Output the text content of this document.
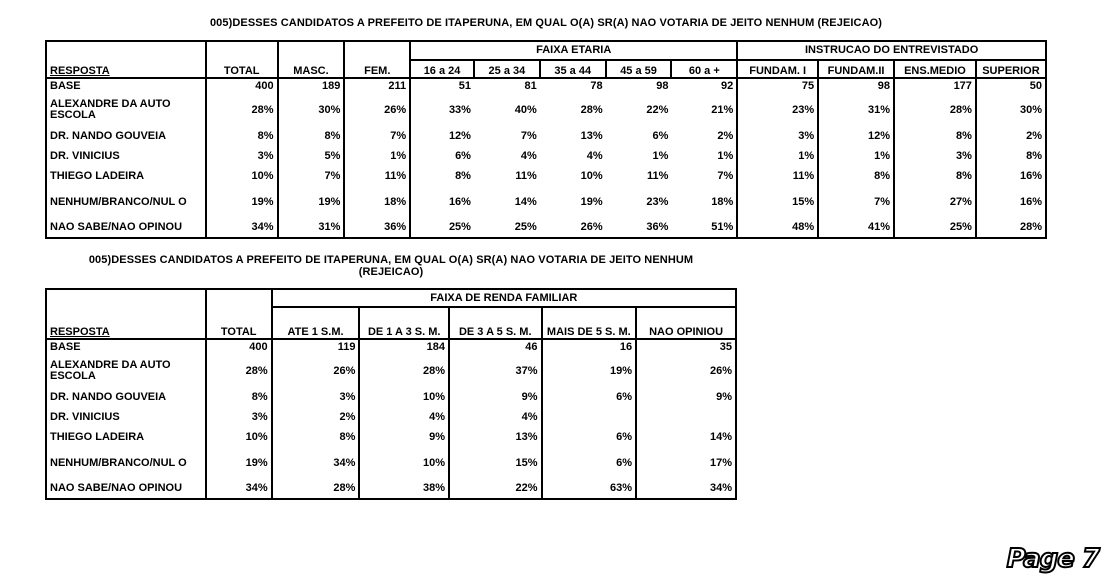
005)DESSES CANDIDATOS A PREFEITO DE ITAPERUNA, EM QUAL O(A) SR(A) NAO VOTARIA DE JEITO NENHUM (REJEICAO)
RESPOSTA	TOTAL	MASC.	FEM.	FAIXA ETARIA					INSTRUCAO DO ENTREVISTADO			
				16 a 24	25 a 34	35 a 44	45 a 59	60 a +	FUNDAM. I	FUNDAM.II	ENS.MEDIO	SUPERIOR
BASE	400	189	211	51	81	78	98	92	75	98	177	50
ALEXANDRE DA AUTO ESCOLA	28%	30%	26%	33%	40%	28%	22%	21%	23%	31%	28%	30%
DR. NANDO GOUVEIA	8%	8%	7%	12%	7%	13%	6%	2%	3%	12%	8%	2%
DR. VINICIUS	3%	5%	1%	6%	4%	4%	1%	1%	1%	1%	3%	8%
THIEGO LADEIRA	10%	7%	11%	8%	11%	10%	11%	7%	11%	8%	8%	16%
NENHUM/BRANCO/NUL O	19%	19%	18%	16%	14%	19%	23%	18%	15%	7%	27%	16%
NAO SABE/NAO OPINOU	34%	31%	36%	25%	25%	26%	36%	51%	48%	41%	25%	28%
005)DESSES CANDIDATOS A PREFEITO DE ITAPERUNA, EM QUAL O(A) SR(A) NAO VOTARIA DE JEITO NENHUM
(REJEICAO)
RESPOSTA	TOTAL	FAIXA DE RENDA FAMILIAR				
		ATE 1 S.M.	DE 1 A 3 S. M.	DE 3 A 5 S. M.	MAIS DE 5 S. M.	NAO OPINIOU
BASE	400	119	184	46	16	35
ALEXANDRE DA AUTO ESCOLA	28%	26%	28%	37%	19%	26%
DR. NANDO GOUVEIA	8%	3%	10%	9%	6%	9%
DR. VINICIUS	3%	2%	4%	4%		
THIEGO LADEIRA	10%	8%	9%	13%	6%	14%
NENHUM/BRANCO/NUL O	19%	34%	10%	15%	6%	17%
NAO SABE/NAO OPINOU	34%	28%	38%	22%	63%	34%
Page 7
